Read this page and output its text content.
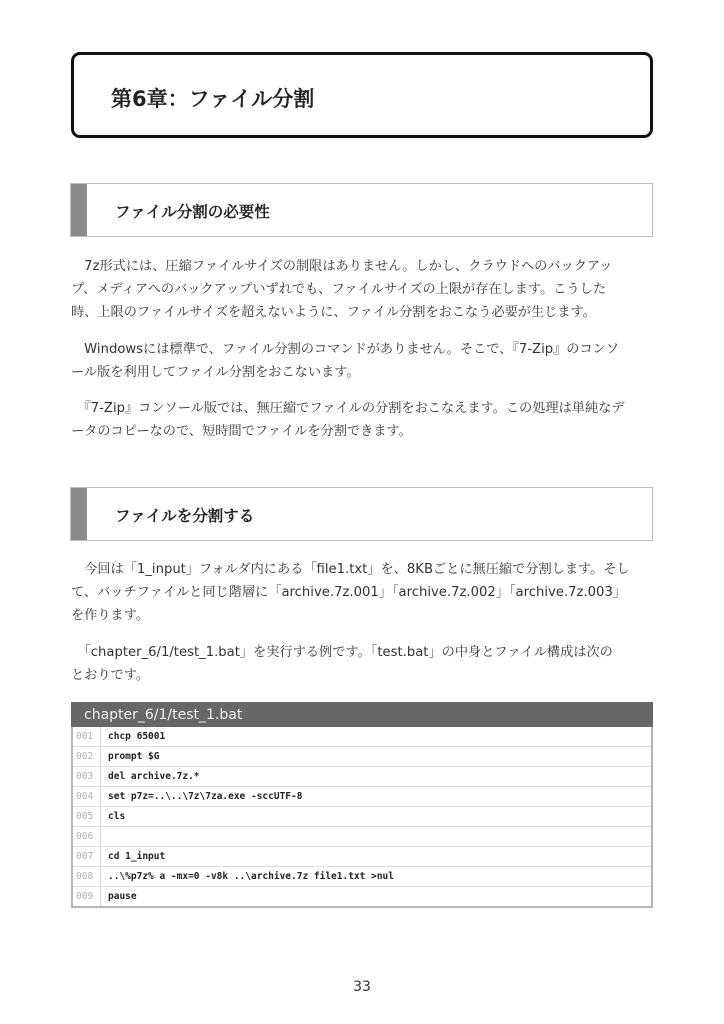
第6章：ファイル分割
ファイル分割の必要性

　7z形式には、圧縮ファイルサイズの制限はありません。しかし、クラウドへのバックアッ
プ、メディアへのバックアップいずれでも、ファイルサイズの上限が存在します。こうした
時、上限のファイルサイズを超えないように、ファイル分割をおこなう必要が生じます。

　Windowsには標準で、ファイル分割のコマンドがありません。そこで、『7-Zip』のコンソ
ール版を利用してファイル分割をおこないます。

　『7-Zip』コンソール版では、無圧縮でファイルの分割をおこなえます。この処理は単純なデ
ータのコピーなので、短時間でファイルを分割できます。

ファイルを分割する

　今回は「1_input」フォルダ内にある「file1.txt」を、8KBごとに無圧縮で分割します。そし
て、バッチファイルと同じ階層に「archive.7z.001」「archive.7z.002」「archive.7z.003」
を作ります。

　「chapter_6/1/test_1.bat」を実行する例です。「test.bat」の中身とファイル構成は次の
とおりです。

chapter_6/1/test_1.bat
001	chcp 65001
002	prompt $G
003	del archive.7z.*
004	set p7z=..\..\7z\7za.exe -sccUTF-8
005	cls
006
007	cd 1_input
008	..\%p7z% a -mx=0 -v8k ..\archive.7z file1.txt >nul
009	pause
33
